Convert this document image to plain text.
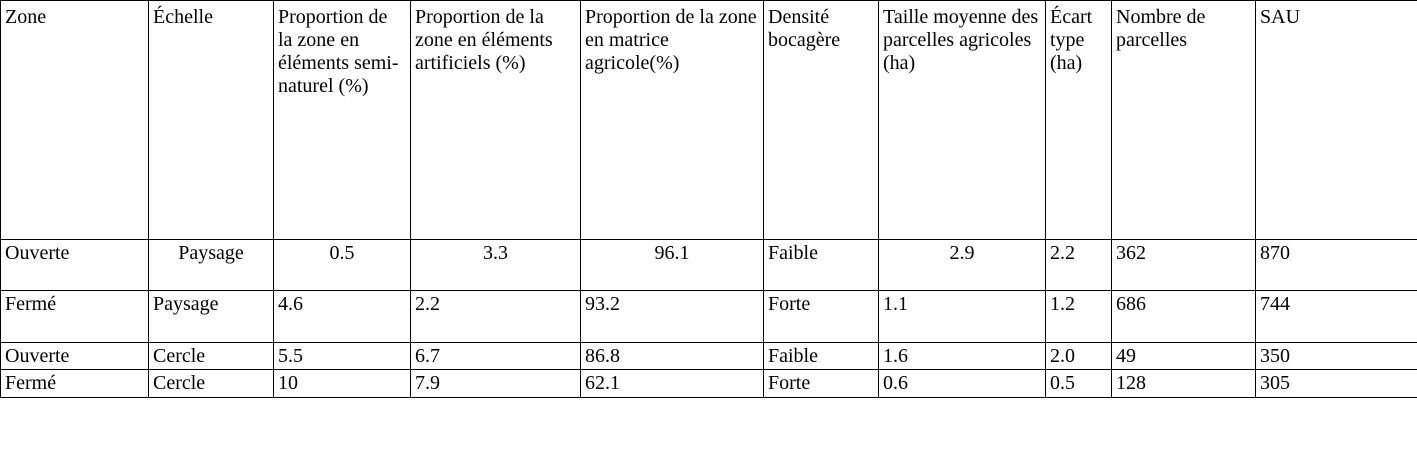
Zone	Échelle	Proportion de la zone en éléments semi-naturel (%)	Proportion de la zone en éléments artificiels (%)	Proportion de la zone en matrice agricole(%)	Densité bocagère	Taille moyenne des parcelles agricoles (ha)	Écart type (ha)	Nombre de parcelles	SAU
Ouverte	Paysage	0.5	3.3	96.1	Faible	2.9	2.2	362	870
Fermé	Paysage	4.6	2.2	93.2	Forte	1.1	1.2	686	744
Ouverte	Cercle	5.5	6.7	86.8	Faible	1.6	2.0	49	350
Fermé	Cercle	10	7.9	62.1	Forte	0.6	0.5	128	305
